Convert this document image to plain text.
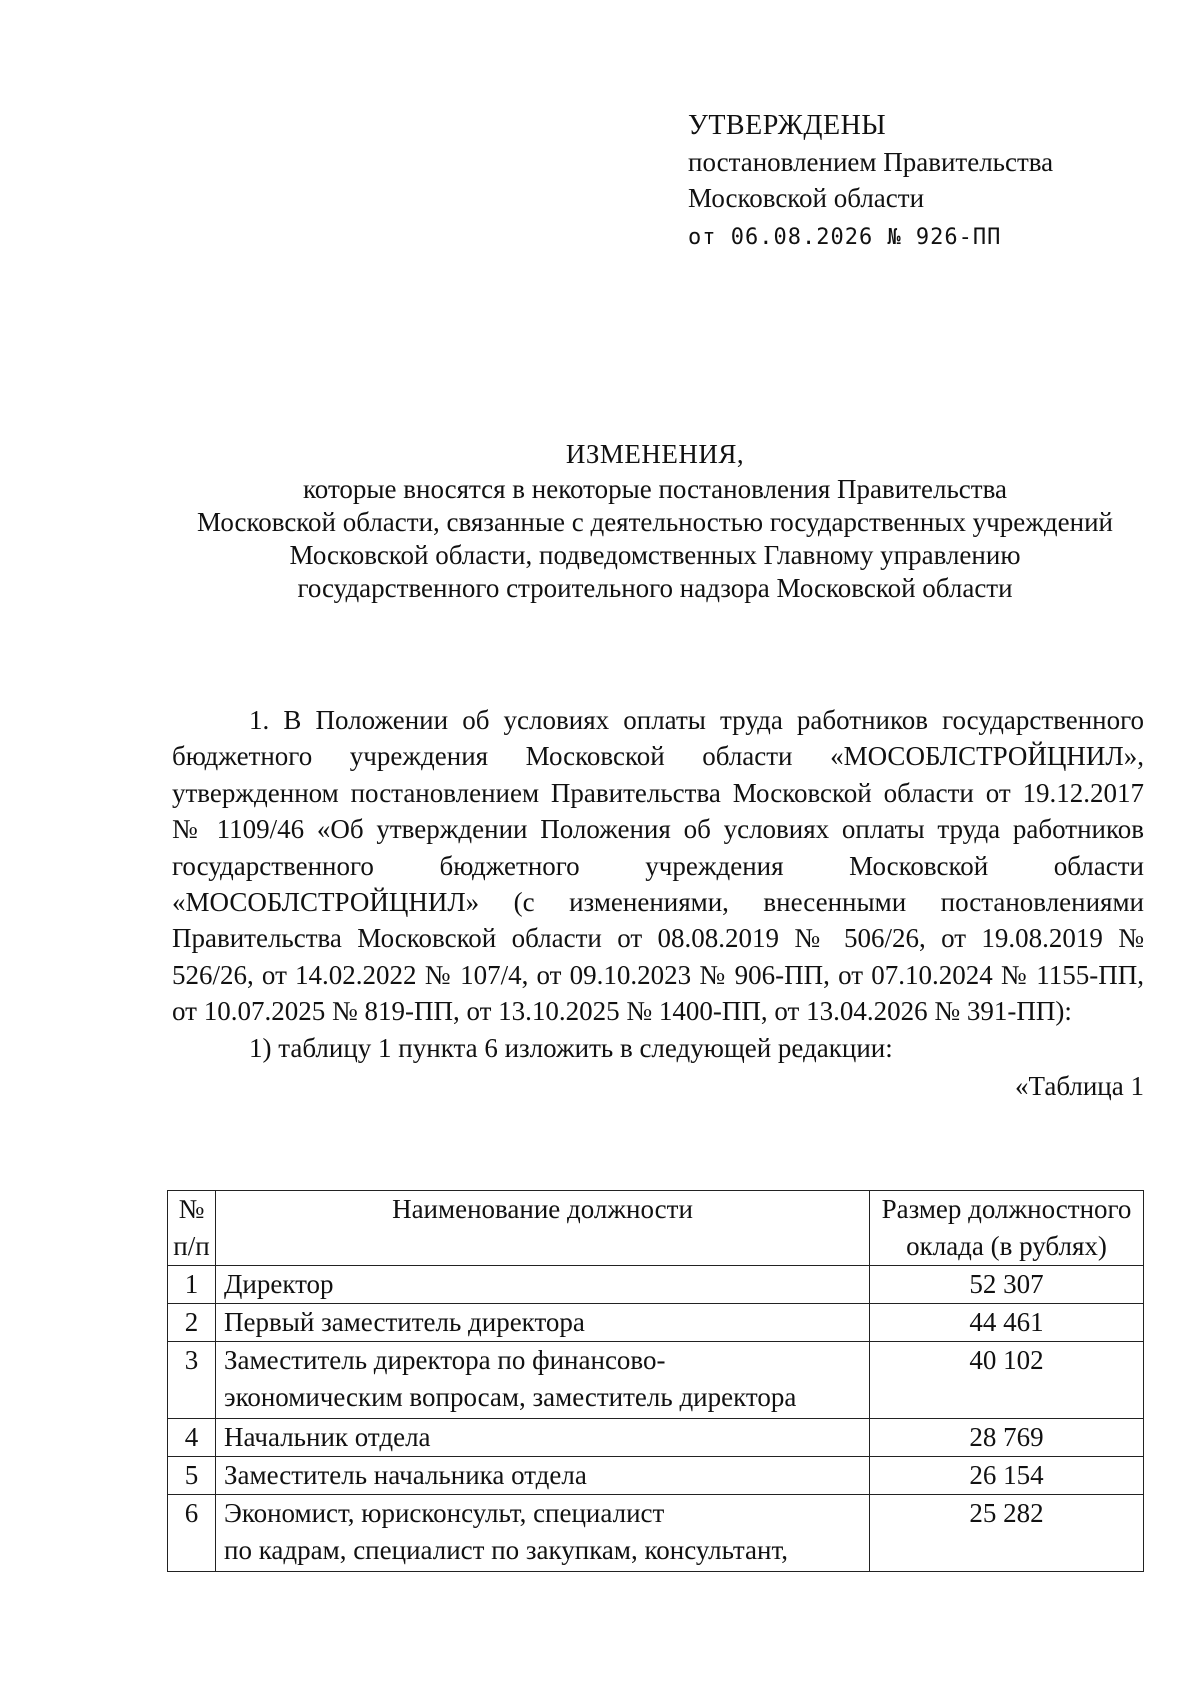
УТВЕРЖДЕНЫ
постановлением Правительства
Московской области
от 06.08.2026 № 926-ПП
ИЗМЕНЕНИЯ,
которые вносятся в некоторые постановления Правительства
Московской области, связанные с деятельностью государственных учреждений
Московской области, подведомственных Главному управлению
государственного строительного надзора Московской области

1. В Положении об условиях оплаты труда работников государственного бюджетного учреждения Московской области «МОСОБЛСТРОЙЦНИЛ», утвержденном постановлением Правительства Московской области от 19.12.2017 № 1109/46 «Об утверждении Положения об условиях оплаты труда работников государственного бюджетного учреждения Московской области «МОСОБЛСТРОЙЦНИЛ» (с изменениями, внесенными постановлениями Правительства Московской области от 08.08.2019 № 506/26, от 19.08.2019 № 526/26, от 14.02.2022 № 107/4, от 09.10.2023 № 906-ПП, от 07.10.2024 № 1155-ПП, от 10.07.2025 № 819-ПП, от 13.10.2025 № 1400-ПП, от 13.04.2026 № 391-ПП):

1) таблицу 1 пункта 6 изложить в следующей редакции:

«Таблица 1

№
п/п	Наименование должности	Размер должностного
оклада (в рублях)

1	Директор	52 307
2	Первый заместитель директора	44 461
3	Заместитель директора по финансово-
экономическим вопросам, заместитель директора	40 102
4	Начальник отдела	28 769
5	Заместитель начальника отдела	26 154
6	Экономист, юрисконсульт, специалист
по кадрам, специалист по закупкам, консультант,	25 282
